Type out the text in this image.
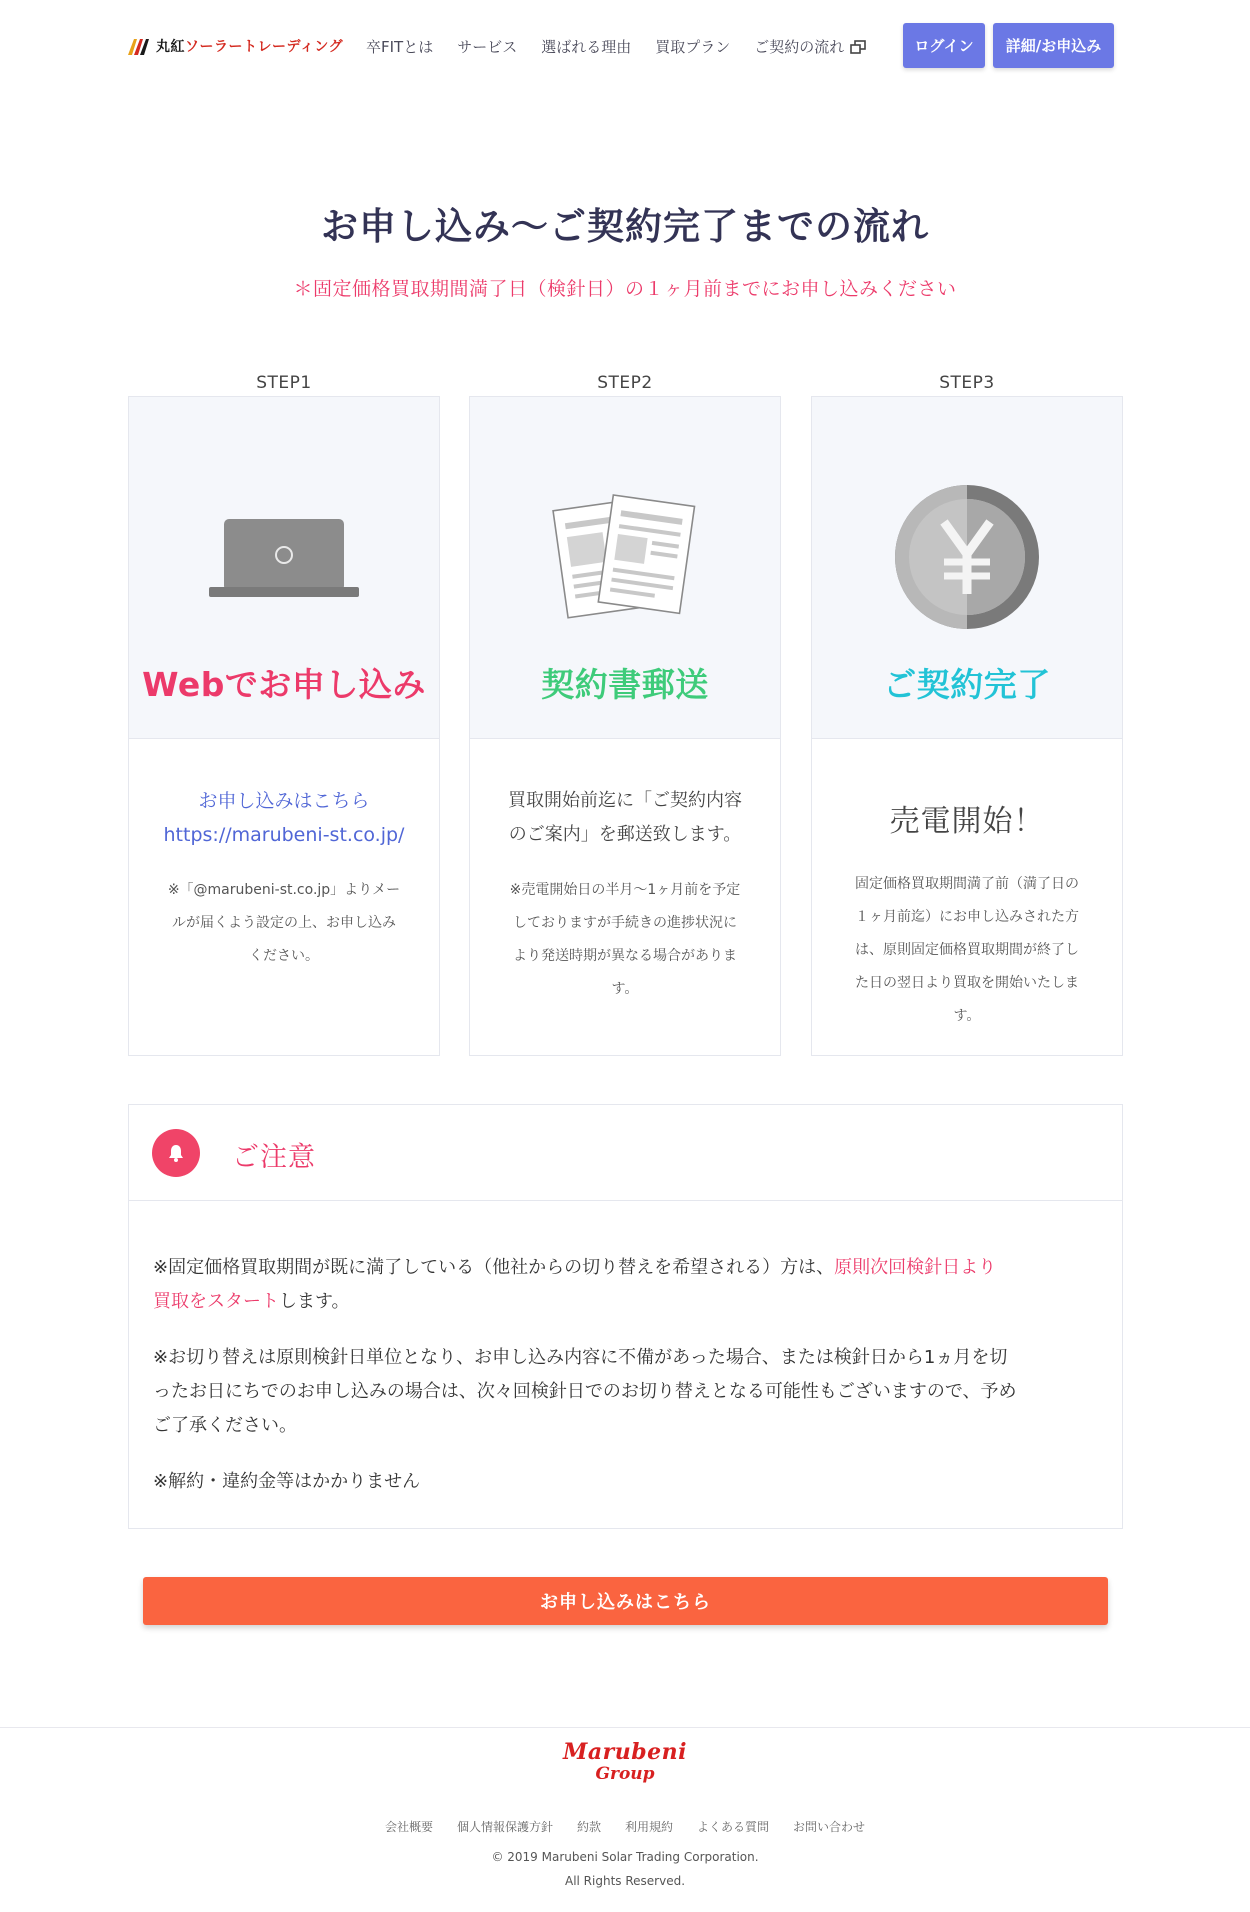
丸紅ソーラートレーディング 卒FITとは サービス 選ばれる理由 買取プラン ご契約の流れ	ログイン	詳細/お申込み
お申し込み〜ご契約完了までの流れ
＊固定価格買取期間満了日（検針日）の１ヶ月前までにお申し込みください
STEP1
Webでお申し込み
お申し込みはこちら
https://marubeni-st.co.jp/
※「@marubeni-st.co.jp」よりメー
ルが届くよう設定の上、お申し込み
ください。
STEP2
契約書郵送
買取開始前迄に「ご契約内容
のご案内」を郵送致します。
※売電開始日の半月〜1ヶ月前を予定
しておりますが手続きの進捗状況に
より発送時期が異なる場合がありま
す。
STEP3
ご契約完了
売電開始！
固定価格買取期間満了前（満了日の
１ヶ月前迄）にお申し込みされた方
は、原則固定価格買取期間が終了し
た日の翌日より買取を開始いたしま
す。
ご注意

※固定価格買取期間が既に満了している（他社からの切り替えを希望される）方は、原則次回検針日より
買取をスタートします。

※お切り替えは原則検針日単位となり、お申し込み内容に不備があった場合、または検針日から1ヵ月を切
ったお日にちでのお申し込みの場合は、次々回検針日でのお切り替えとなる可能性もございますので、予め
ご了承ください。

※解約・違約金等はかかりません

お申し込みはこちら
Marubeni
Group
会社概要 個人情報保護方針 約款 利用規約 よくある質問 お問い合わせ
© 2019 Marubeni Solar Trading Corporation.
All Rights Reserved.
